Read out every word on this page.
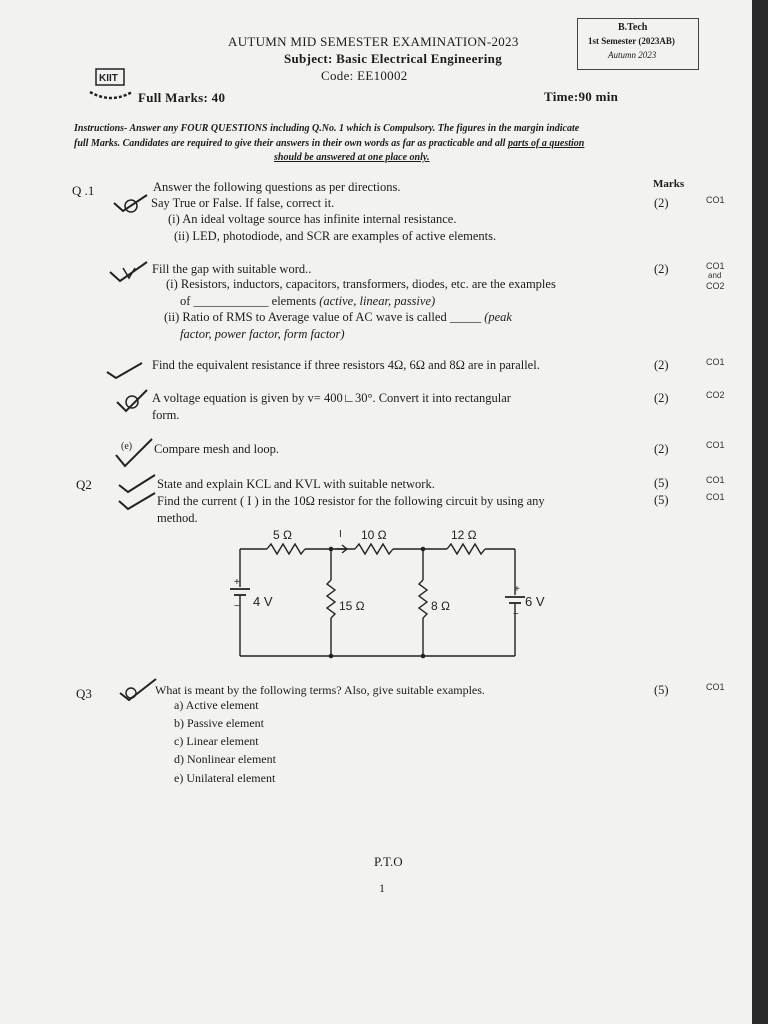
B.Tech
1st Semester (2023AB)
Autumn 2023
AUTUMN MID SEMESTER EXAMINATION-2023
Subject: Basic Electrical Engineering
Code: EE10002
KIIT
Full Marks: 40	Time:90 min
Instructions- Answer any FOUR QUESTIONS including Q.No. 1 which is Compulsory. The figures in the margin indicate
full Marks. Candidates are required to give their answers in their own words as far as practicable and all parts of a question
should be answered at one place only.
Q .1	Answer the following questions as per directions.	Marks
Say True or False. If false, correct it.	(2)	CO1
(i) An ideal voltage source has infinite internal resistance.
(ii) LED, photodiode, and SCR are examples of active elements.
Fill the gap with suitable word..	(2)	CO1
and
CO2
(i) Resistors, inductors, capacitors, transformers, diodes, etc. are the examples
of ____________ elements (active, linear, passive)
(ii) Ratio of RMS to Average value of AC wave is called _____ (peak
factor, power factor, form factor)
Find the equivalent resistance if three resistors 4Ω, 6Ω and 8Ω are in parallel.	(2)	CO1
A voltage equation is given by v= 400∟30°. Convert it into rectangular
form.
(2)	CO2
(e) Compare mesh and loop.	(2)	CO1
Q2	State and explain KCL and KVL with suitable network.	(5)	CO1
Find the current ( I ) in the 10Ω resistor for the following circuit by using any
method.
(5)	CO1
5 Ω	10 Ω	12 Ω
I
15 Ω	8 Ω
4 V	6 V
+
−
+
−
Q3	What is meant by the following terms? Also, give suitable examples.	(5)	CO1
a) Active element
b) Passive element
c) Linear element
d) Nonlinear element
e) Unilateral element
P.T.O
1
